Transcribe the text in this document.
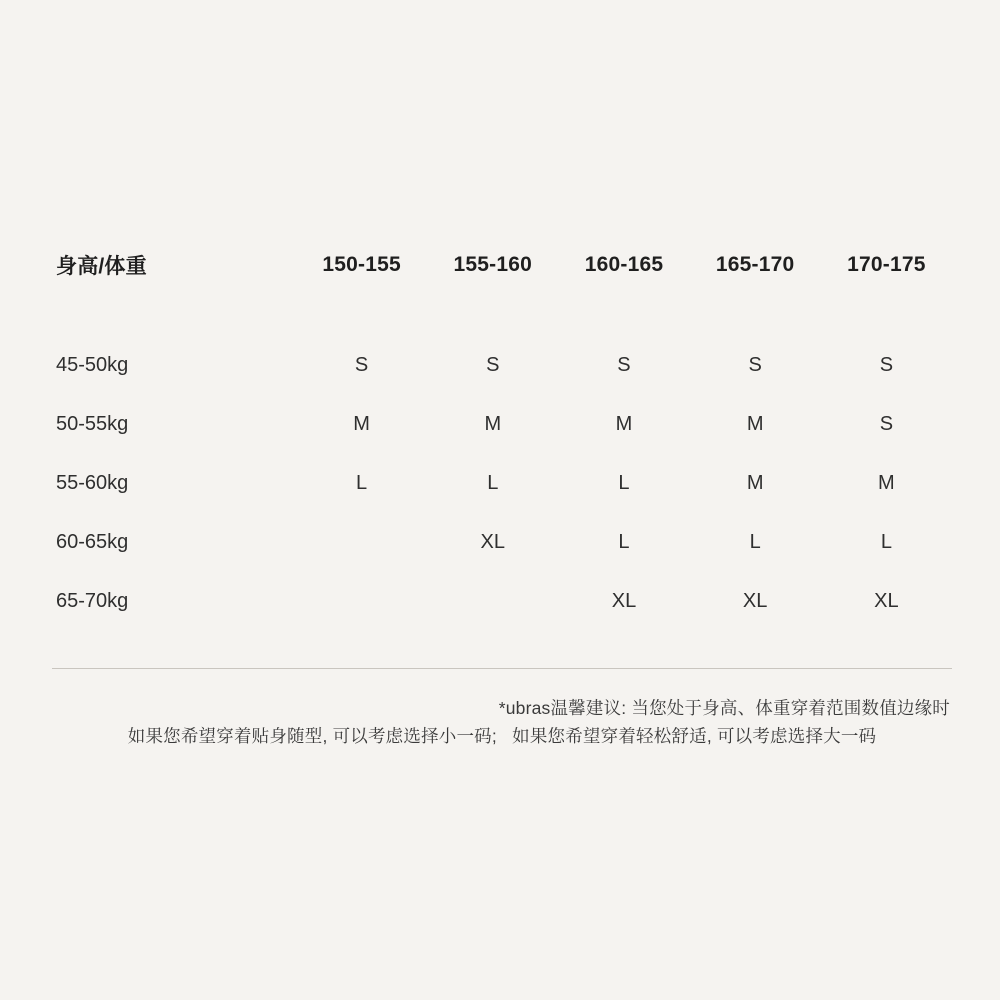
身高/体重	150-155	155-160	160-165	165-170	170-175

45-50kg	S	S	S	S	S
50-55kg	M	M	M	M	S
55-60kg	L	L	L	M	M
60-65kg		XL	L	L	L
65-70kg			XL	XL	XL
*ubras温馨建议: 当您处于身高、体重穿着范围数值边缘时
如果您希望穿着贴身随型, 可以考虑选择小一码;   如果您希望穿着轻松舒适, 可以考虑选择大一码
